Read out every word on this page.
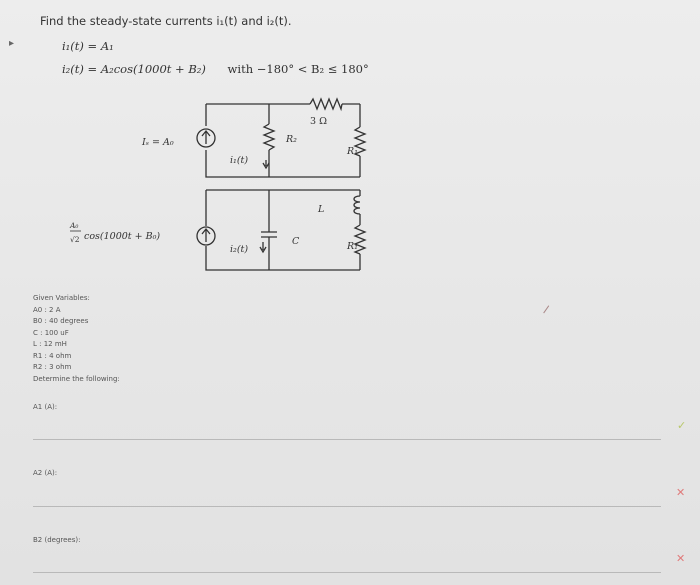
▸
Find the steady-state currents i₁(t) and i₂(t).
i₁(t) = A₁
i₂(t) = A₂cos(1000t + B₂) with −180° < B₂ ≤ 180°
Iₛ = A₀
i₁(t)
3 Ω
R₂
R₁
L
C	R₁
i₂(t)
A₀
√2 cos(1000t + B₀)
Given Variables:
A0 : 2 A
B0 : 40 degrees
C : 100 uF
L : 12 mH
R1 : 4 ohm
R2 : 3 ohm
Determine the following:
A1 (A):
✓
A2 (A):
✕
B2 (degrees):
✕
